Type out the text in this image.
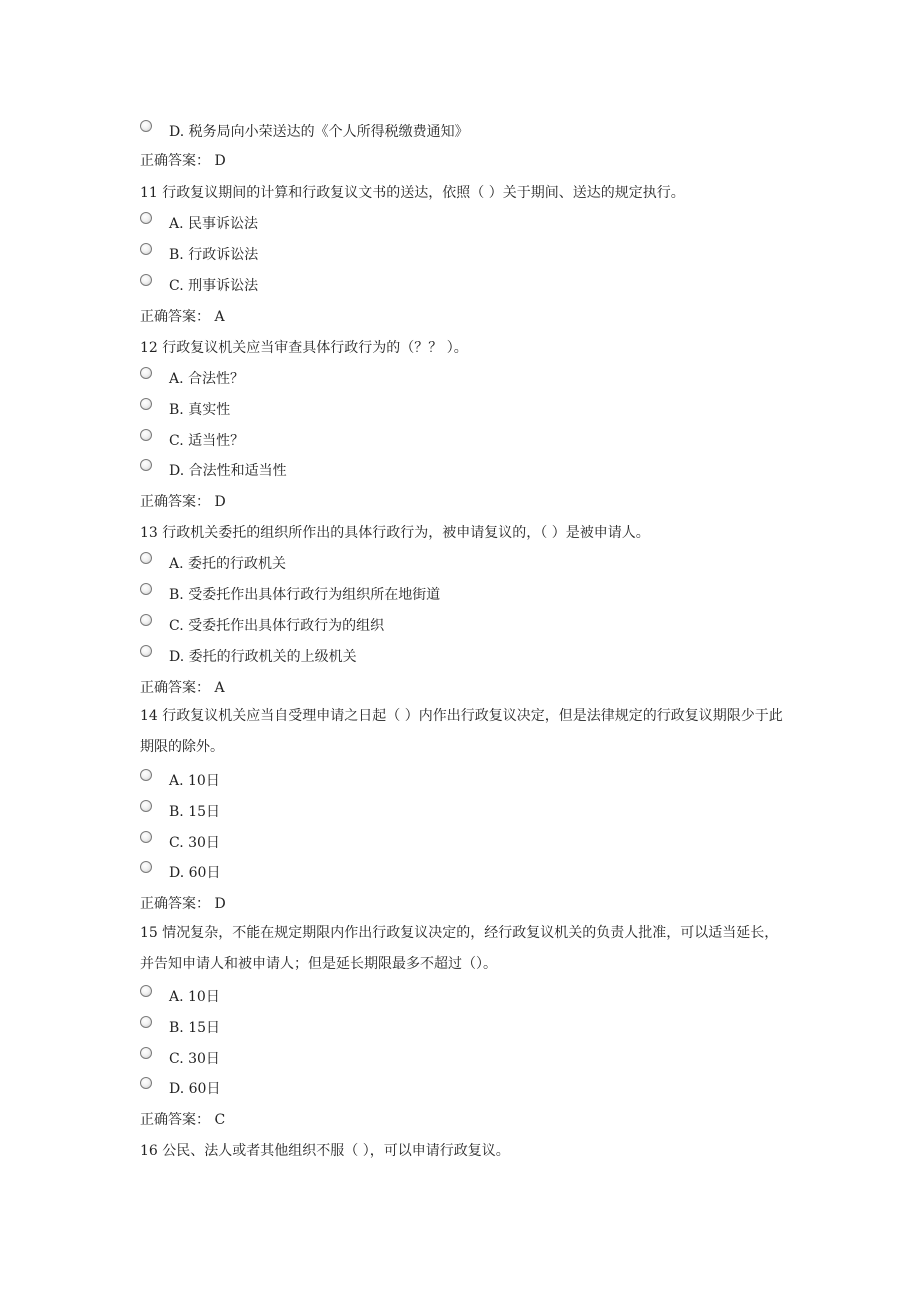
D. 税务局向小荣送达的《个人所得税缴费通知》
正确答案： D
11 行政复议期间的计算和行政复议文书的送达，依照（ ）关于期间、送达的规定执行。
A. 民事诉讼法
B. 行政诉讼法
C. 刑事诉讼法
正确答案： A
12 行政复议机关应当审查具体行政行为的（？？ ）。
A. 合法性？
B. 真实性
C. 适当性？
D. 合法性和适当性
正确答案： D
13 行政机关委托的组织所作出的具体行政行为，被申请复议的，（ ）是被申请人。
A. 委托的行政机关
B. 受委托作出具体行政行为组织所在地街道
C. 受委托作出具体行政行为的组织
D. 委托的行政机关的上级机关
正确答案： A
14 行政复议机关应当自受理申请之日起（ ）内作出行政复议决定，但是法律规定的行政复议期限少于此期限的除外。
A. 10日
B. 15日
C. 30日
D. 60日
正确答案： D
15 情况复杂，不能在规定期限内作出行政复议决定的，经行政复议机关的负责人批准，可以适当延长，并告知申请人和被申请人；但是延长期限最多不超过（）。
A. 10日
B. 15日
C. 30日
D. 60日
正确答案： C
16 公民、法人或者其他组织不服（ ），可以申请行政复议。
